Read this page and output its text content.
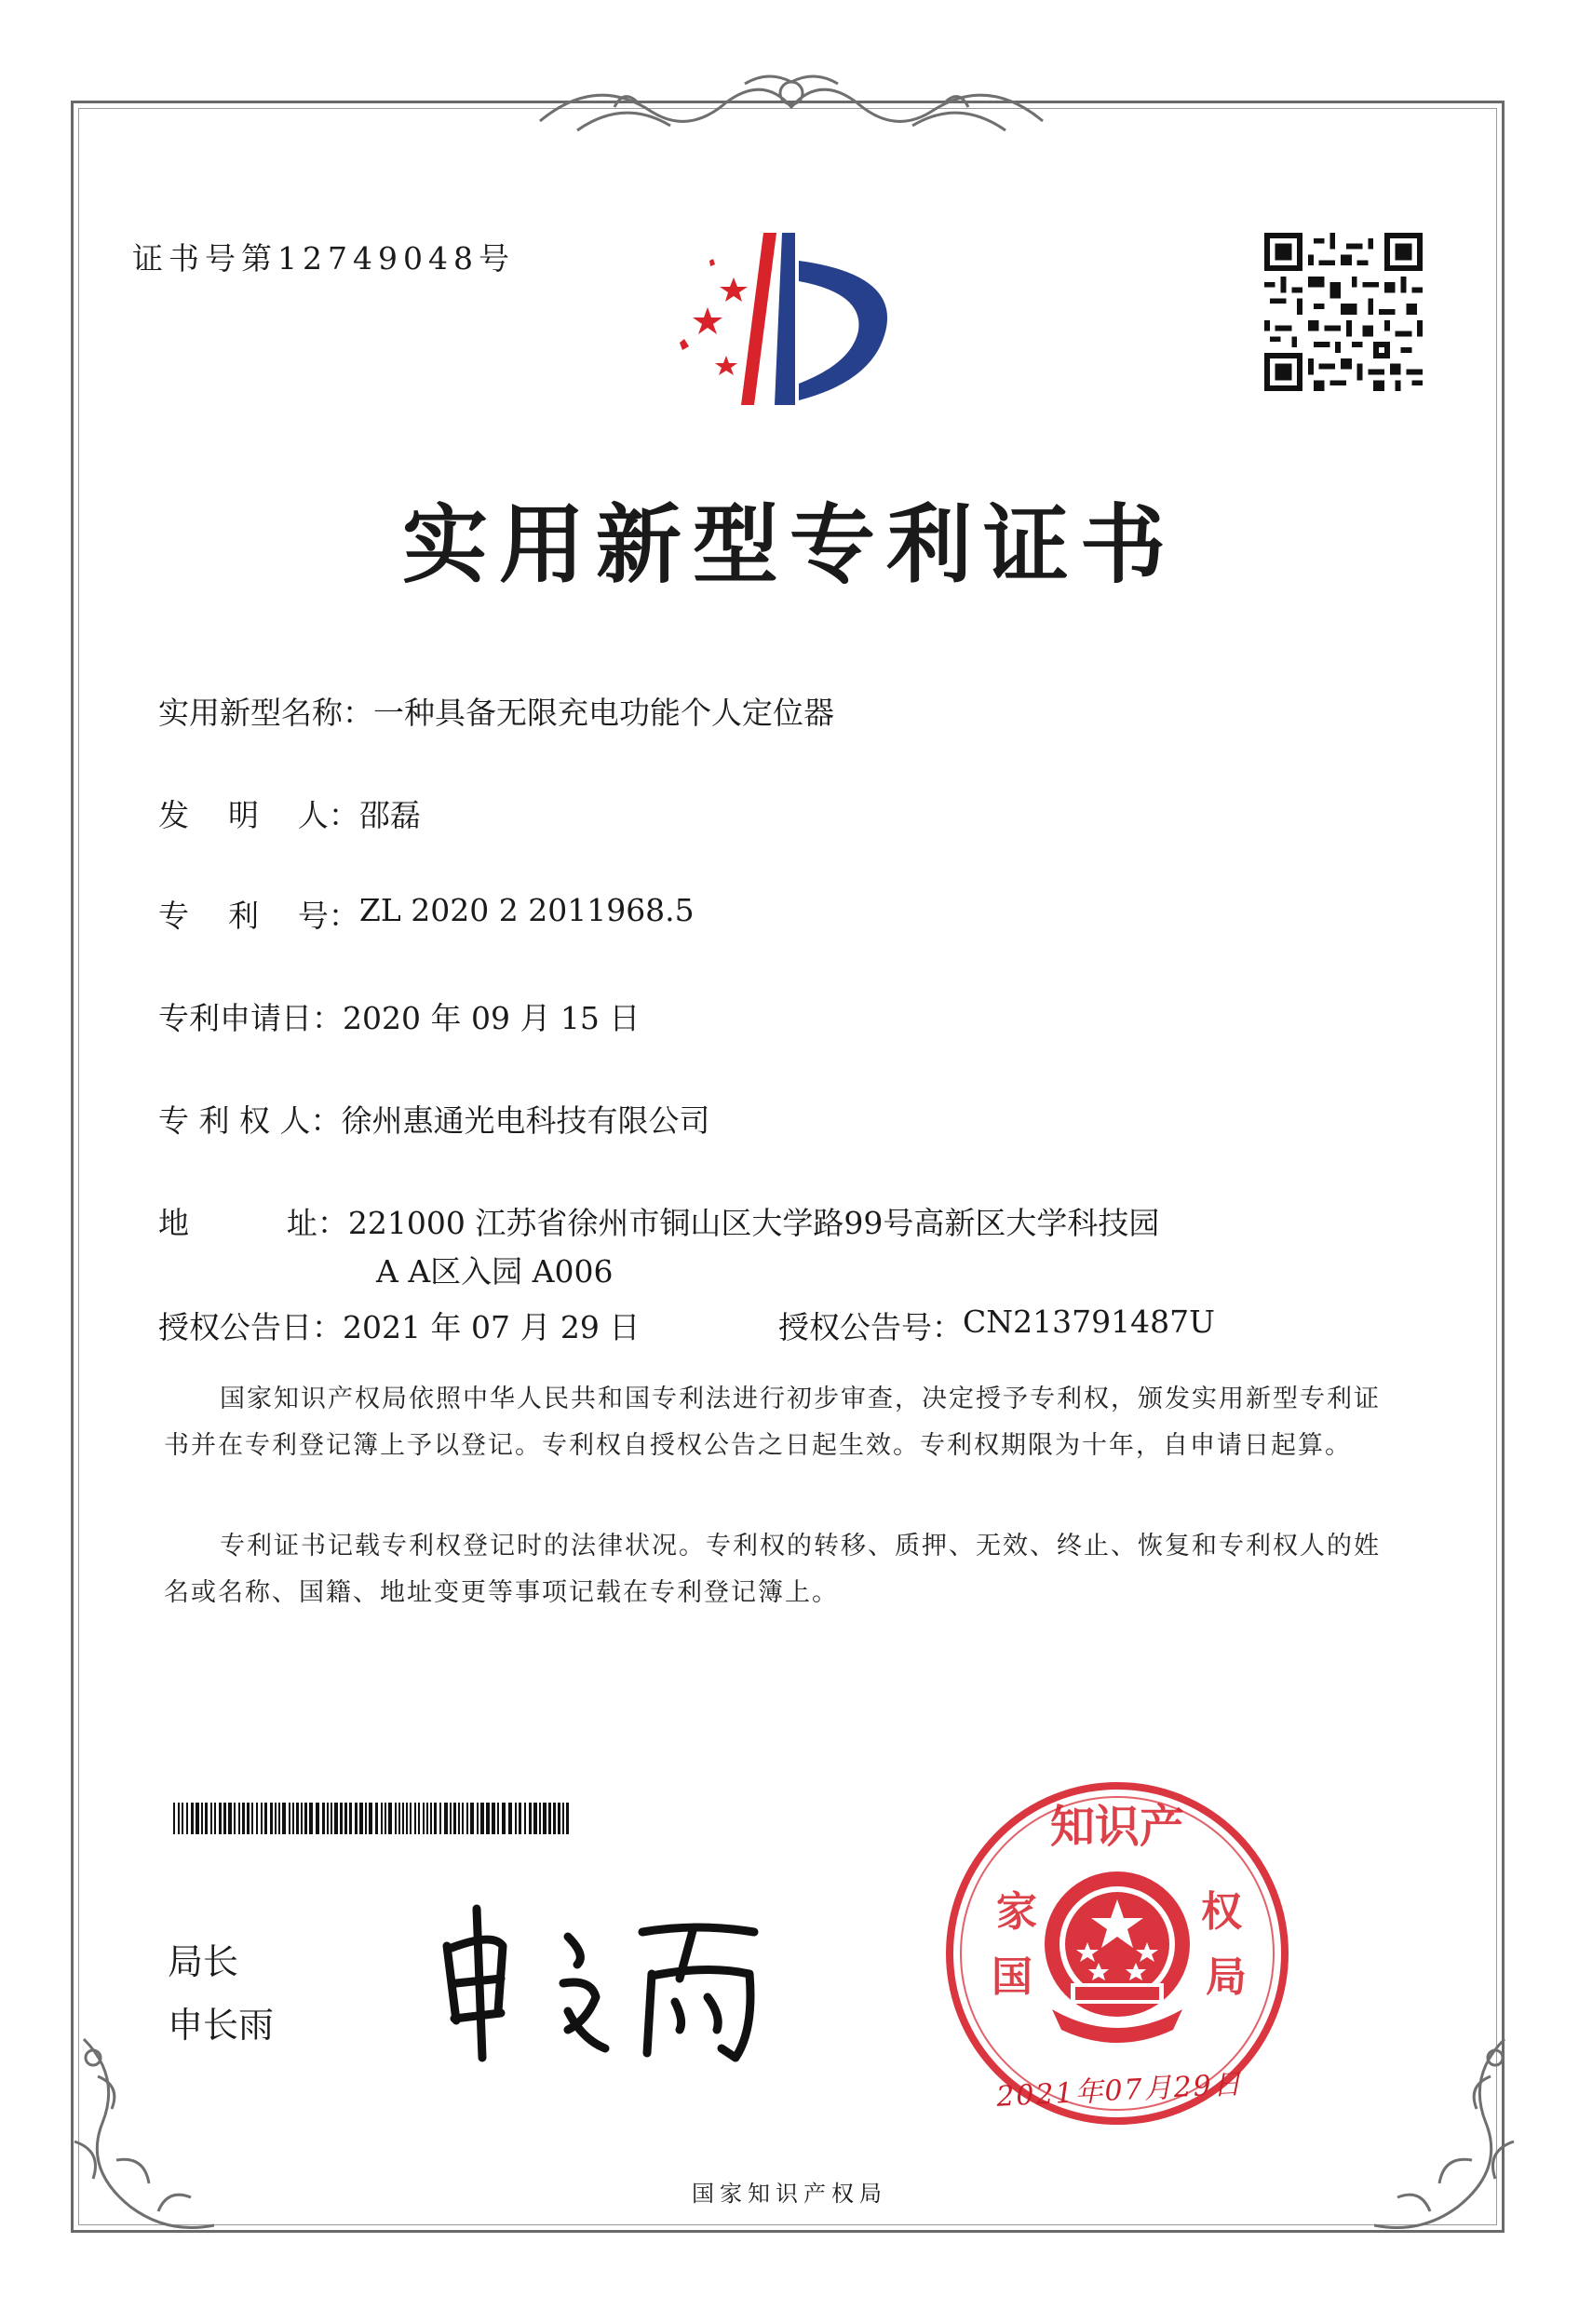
证书号第12749048号
实用新型专利证书
实用新型名称： 一种具备无限充电功能个人定位器
发    明    人： 邵磊
专    利    号： ZL 2020 2 2011968.5
专利申请日： 2020 年 09 月 15 日
专 利 权 人： 徐州惠通光电科技有限公司
地          址： 221000 江苏省徐州市铜山区大学路99号高新区大学科技园
A A区入园 A006
授权公告日： 2021 年 07 月 29 日	授权公告号： CN213791487U
国家知识产权局依照中华人民共和国专利法进行初步审查，决定授予专利权，颁发实用新型专利证书并在专利登记簿上予以登记。专利权自授权公告之日起生效。专利权期限为十年，自申请日起算。
专利证书记载专利权登记时的法律状况。专利权的转移、质押、无效、终止、恢复和专利权人的姓名或名称、国籍、地址变更等事项记载在专利登记簿上。
局长
申长雨
知识产
家	权
国	局
2021年07月29日
国家知识产权局
